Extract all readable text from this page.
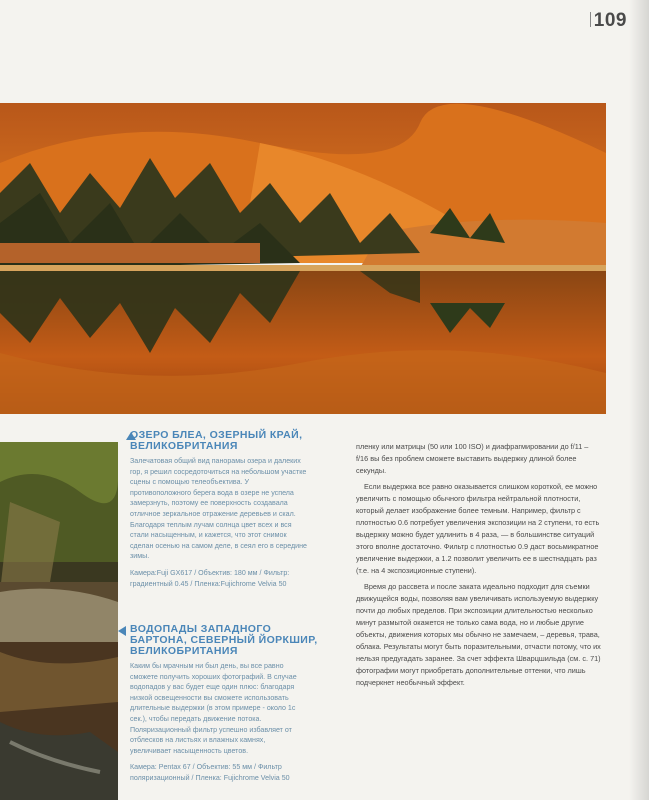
109
ОЗЕРО БЛЕА, ОЗЕРНЫЙ КРАЙ, ВЕЛИКОБРИТАНИЯ
Залечатовая общий вид панорамы озера и далеких гор, я решил сосредоточиться на небольшом участке сцены с помощью телеобъектива. У противоположного берега вода в озере не успела замерзнуть, поэтому ее поверхность создавала отличное зеркальное отражение деревьев и скал. Благодаря теплым лучам солнца цвет всех и вся стали насыщенным, и кажется, что этот снимок сделан осенью на самом деле, в сеял его в середине зимы.
Камера:Fuji GX617 / Объектив: 180 мм / Фильтр: градиентный 0.45 / Пленка:Fujichrome Velvia 50
ВОДОПАДЫ ЗАПАДНОГО БАРТОНА, СЕВЕРНЫЙ ЙОРКШИР, ВЕЛИКОБРИТАНИЯ
Каким бы мрачным ни был день, вы все равно сможете получить хороших фотографий. В случае водопадов у вас будет еще один плюс: благодаря низкой освещенности вы сможете использовать длительные выдержки (в этом примере - около 1с сек.), чтобы передать движение потока. Поляризационный фильтр успешно избавляет от отблесков на листьях и влажных камнях, увеличивает насыщенность цветов.
Камера: Pentax 67 / Объектив: 55 мм / Фильтр поляризационный / Пленка: Fujichrome Velvia 50

пленку или матрицы (50 или 100 ISO) и диафрагмировании до f/11 – f/16 вы без проблем сможете выставить выдержку длиной более секунды.

Если выдержка все равно оказывается слишком короткой, ее можно увеличить с помощью обычного фильтра нейтральной плотности, который делает изображение более темным. Например, фильтр с плотностью 0.6 потребует увеличения экспозиции на 2 ступени, то есть выдержку можно будет удлинить в 4 раза, — в большинстве ситуаций этого вполне достаточно. Фильтр с плотностью 0.9 даст восьмикратное увеличение выдержки, а 1.2 позволит увеличить ее в шестнадцать раз (т.е. на 4 экспозиционные ступени).

Время до рассвета и после заката идеально подходит для съемки движущейся воды, позволяя вам увеличивать используемую выдержку почти до любых пределов. При экспозиции длительностью несколько минут размытой окажется не только сама вода, но и любые другие объекты, движения которых мы обычно не замечаем, – деревья, трава, облака. Результаты могут быть поразительными, отчасти потому, что их нельзя предугадать заранее. За счет эффекта Шварцшильда (см. с. 71) фотографии могут приобретать дополнительные оттенки, что лишь подчеркнет необычный эффект.
